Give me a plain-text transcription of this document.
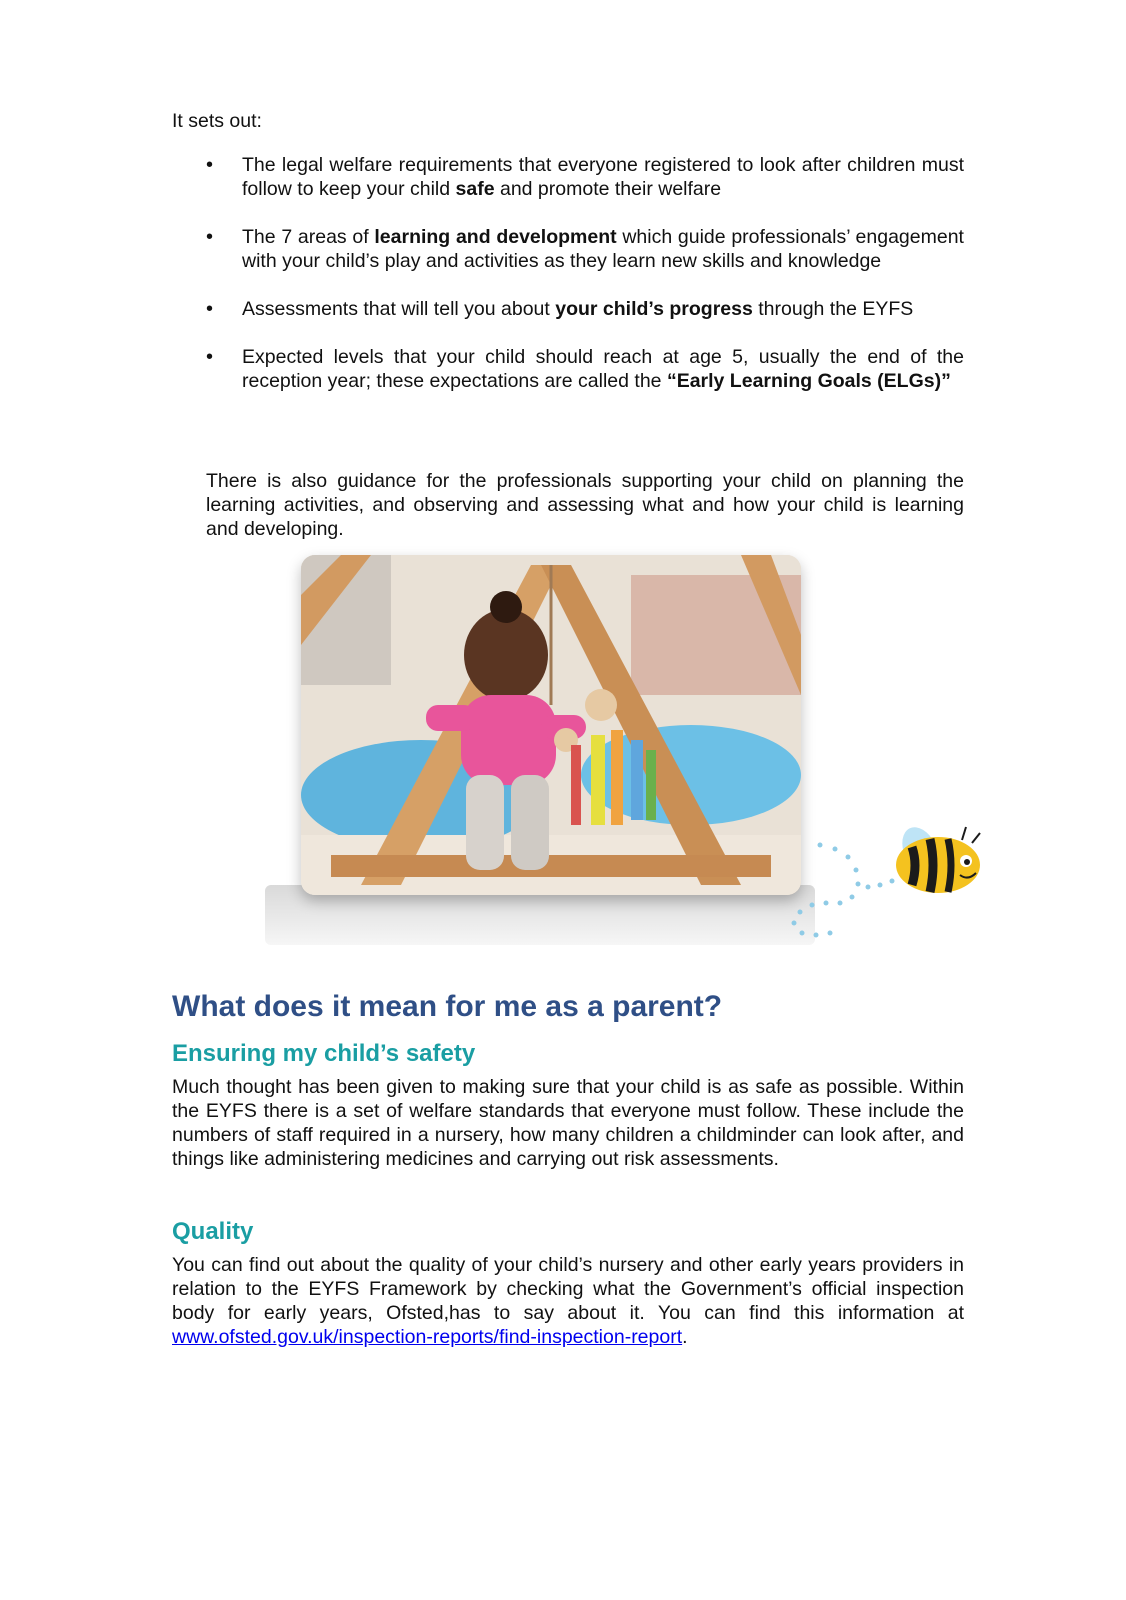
It sets out:
• The legal welfare requirements that everyone registered to look after children must follow to keep your child safe and promote their welfare
• The 7 areas of learning and development which guide professionals’ engagement with your child’s play and activities as they learn new skills and knowledge
• Assessments that will tell you about your child’s progress through the EYFS
• Expected levels that your child should reach at age 5, usually the end of the reception year; these expectations are called the “Early Learning Goals (ELGs)”
There is also guidance for the professionals supporting your child on planning the learning activities, and observing and assessing what and how your child is learning and developing.
What does it mean for me as a parent?
Ensuring my child’s safety
Much thought has been given to making sure that your child is as safe as possible. Within the EYFS there is a set of welfare standards that everyone must follow. These include the numbers of staff required in a nursery, how many children a childminder can look after, and things like administering medicines and carrying out risk assessments.
Quality
You can find out about the quality of your child’s nursery and other early years providers in relation to the EYFS Framework by checking what the Government’s official inspection body for early years, Ofsted,has to say about it. You can find this information at www.ofsted.gov.uk/inspection-reports/find-inspection-report.
